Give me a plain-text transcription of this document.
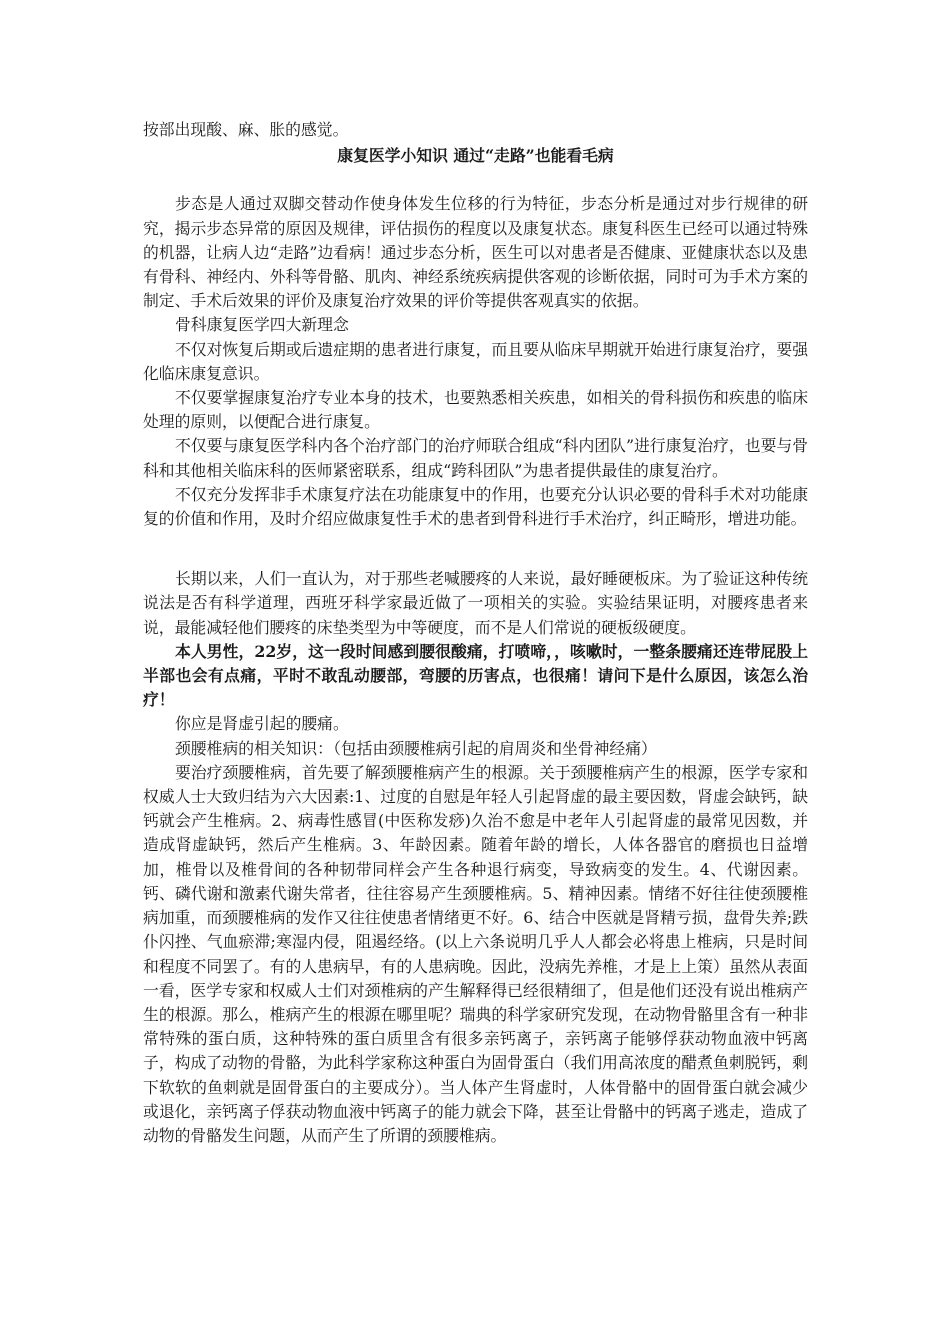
按部出现酸、麻、胀的感觉。

康复医学小知识 通过“走路”也能看毛病

步态是人通过双脚交替动作使身体发生位移的行为特征，步态分析是通过对步行规律的研究，揭示步态异常的原因及规律，评估损伤的程度以及康复状态。康复科医生已经可以通过特殊的机器，让病人边“走路”边看病！通过步态分析，医生可以对患者是否健康、亚健康状态以及患有骨科、神经内、外科等骨骼、肌肉、神经系统疾病提供客观的诊断依据，同时可为手术方案的制定、手术后效果的评价及康复治疗效果的评价等提供客观真实的依据。

骨科康复医学四大新理念

不仅对恢复后期或后遗症期的患者进行康复，而且要从临床早期就开始进行康复治疗，要强化临床康复意识。

不仅要掌握康复治疗专业本身的技术，也要熟悉相关疾患，如相关的骨科损伤和疾患的临床处理的原则，以便配合进行康复。

不仅要与康复医学科内各个治疗部门的治疗师联合组成“科内团队”进行康复治疗，也要与骨科和其他相关临床科的医师紧密联系，组成“跨科团队”为患者提供最佳的康复治疗。

不仅充分发挥非手术康复疗法在功能康复中的作用，也要充分认识必要的骨科手术对功能康复的价值和作用，及时介绍应做康复性手术的患者到骨科进行手术治疗，纠正畸形，增进功能。

长期以来，人们一直认为，对于那些老喊腰疼的人来说，最好睡硬板床。为了验证这种传统说法是否有科学道理，西班牙科学家最近做了一项相关的实验。实验结果证明，对腰疼患者来说，最能减轻他们腰疼的床垫类型为中等硬度，而不是人们常说的硬板级硬度。

本人男性，22岁，这一段时间感到腰很酸痛，打喷啼，，咳嗽时，一整条腰痛还连带屁股上半部也会有点痛，平时不敢乱动腰部，弯腰的历害点，也很痛！请问下是什么原因，该怎么治疗！

你应是肾虚引起的腰痛。

颈腰椎病的相关知识：（包括由颈腰椎病引起的肩周炎和坐骨神经痛）

要治疗颈腰椎病，首先要了解颈腰椎病产生的根源。关于颈腰椎病产生的根源，医学专家和权威人士大致归结为六大因素:1、过度的自慰是年轻人引起肾虚的最主要因数，肾虚会缺钙，缺钙就会产生椎病。2、病毒性感冒(中医称发痧)久治不愈是中老年人引起肾虚的最常见因数，并造成肾虚缺钙，然后产生椎病。3、年龄因素。随着年龄的增长，人体各器官的磨损也日益增加，椎骨以及椎骨间的各种韧带同样会产生各种退行病变，导致病变的发生。4、代谢因素。钙、磷代谢和激素代谢失常者，往往容易产生颈腰椎病。5、精神因素。情绪不好往往使颈腰椎病加重，而颈腰椎病的发作又往往使患者情绪更不好。6、结合中医就是肾精亏损，盘骨失养;跌仆闪挫、气血瘀滞;寒湿内侵，阻遏经络。(以上六条说明几乎人人都会必将患上椎病，只是时间和程度不同罢了。有的人患病早，有的人患病晚。因此，没病先养椎，才是上上策）虽然从表面一看，医学专家和权威人士们对颈椎病的产生解释得已经很精细了，但是他们还没有说出椎病产生的根源。那么，椎病产生的根源在哪里呢？瑞典的科学家研究发现，在动物骨骼里含有一种非常特殊的蛋白质，这种特殊的蛋白质里含有很多亲钙离子，亲钙离子能够俘获动物血液中钙离子，构成了动物的骨骼，为此科学家称这种蛋白为固骨蛋白（我们用高浓度的醋煮鱼刺脱钙，剩下软软的鱼刺就是固骨蛋白的主要成分）。当人体产生肾虚时，人体骨骼中的固骨蛋白就会减少或退化，亲钙离子俘获动物血液中钙离子的能力就会下降，甚至让骨骼中的钙离子逃走，造成了动物的骨骼发生问题，从而产生了所谓的颈腰椎病。
